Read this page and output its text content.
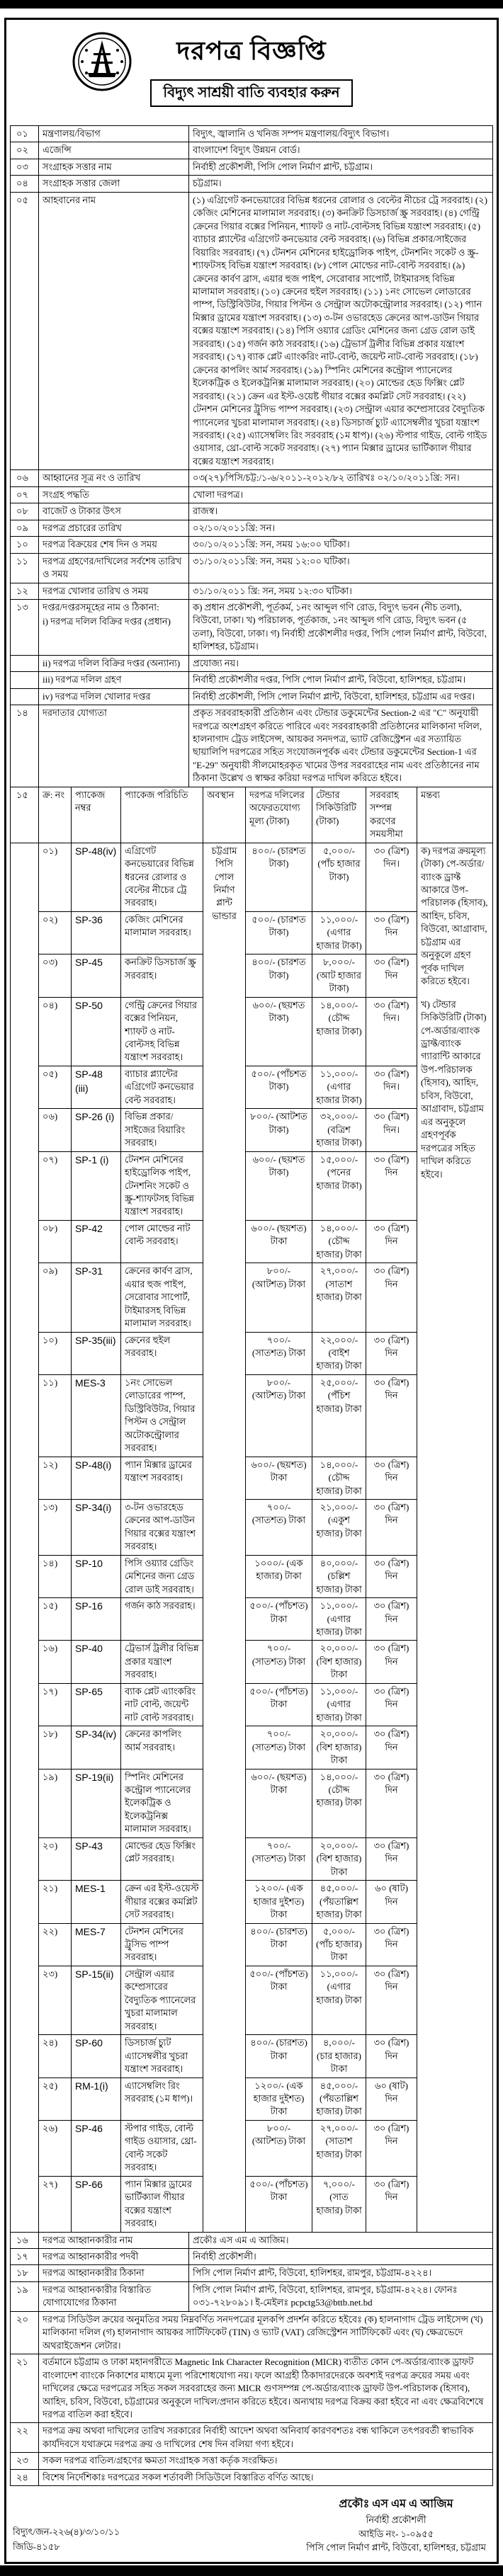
দরপত্র বিজ্ঞপ্তি
বিদ্যুৎ সাশ্রয়ী বাতি ব্যবহার করুন
০১	মন্ত্রণালয়/বিভাগ	বিদ্যুৎ, জ্বালানি ও খনিজ সম্পদ মন্ত্রণালয়/বিদ্যুৎ বিভাগ।
০২	এজেন্সি	বাংলাদেশ বিদ্যুৎ উন্নয়ন বোর্ড।
০৩	সংগ্রাহক সত্তার নাম	নির্বাহী প্রকৌশলী, পিসি পোল নির্মাণ প্লান্ট, চট্টগ্রাম।
০৪	সংগ্রাহক সত্তার জেলা	চট্টগ্রাম।
০৫	আহবানের নাম	(১) এগ্রিগেট কনভেয়ারের বিভিন্ন ধরনের রোলার ও বেল্টের নীচের ট্রে সরবরাহ। (২) কেজিং মেশিনের মালামাল সরবরাহ। (৩) কনক্রিট ডিসচার্জ স্ক্রু সরবরাহ। (৪) গেন্ট্রি ক্রেনের গিয়ার বক্সের পিনিয়ন, শ্যাফট ও নাট-বোল্টসহ বিভিন্ন যন্ত্রাংশ সরবরাহ। (৫) ব্যাচার প্ল্যান্টের এগ্রিগেট কনভেয়ার বেল্ট সরবরাহ। (৬) বিভিন্ন প্রকার/সাইজের বিয়ারিং সরবরাহ। (৭) টেনশন মেশিনের হাইড্রোলিক পাইপ, টেনশনিং সকেট ও স্ক্রু-শ্যাফটসহ বিভিন্ন যন্ত্রাংশ সরবরাহ। (৮) পোল মোল্ডের নাট-বোল্ট সরবরাহ। (৯) ক্রেনের কার্বণ ব্রাস, এয়ার হুজ পাইপ, সেরোবার সাপোর্ট, টাইমারসহ বিভিন্ন মালামাল সরবরাহ। (১০) ক্রেনের হুইল সরবরাহ। (১১) ১নং সোভেল লোডারের পাম্প, ডিস্ট্রিবিউটর, গিয়ার পিস্টন ও সেন্ট্রাল অটোকন্ট্রোলার সরবরাহ। (১২) প্যান মিক্সার ড্রামের যন্ত্রাংশ সরবরাহ। (১৩) ৩-টন ওভারহেড ক্রেনের আপ-ডাউন গিয়ার বক্সের যন্ত্রাংশ সরবরাহ। (১৪) পিসি ওয়্যার গ্রেডিং মেশিনের জন্য গ্রেড রোল ডাই সরবরাহ। (১৫) গর্জন কাঠ সরবরাহ। (১৬) ট্রেভার্স ট্রলীর বিভিন্ন প্রকার যন্ত্রাংশ সরবরাহ। (১৭) ব্যাক প্লেট এ্যাংকরিং নাট-বোল্ট, জয়েন্ট নাট-বোল্ট সরবরাহ। (১৮) ক্রেনের কাপলিং আর্ম সরবরাহ। (১৯) স্পিনিং মেশিনের কন্ট্রোল প্যানেলের ইলেকট্রিক ও ইলেকট্রনিক্স মালামাল সরবরাহ। (২০) মোল্ডের হেড ফিক্সিং প্লেট সরবরাহ। (২১) ক্রেন এর ইস্ট-ওয়েষ্ট গীয়ার বক্সের কমপ্লিট সেট সরবরাহ। (২২) টেনশন মেশিনের ট্রুসিভ পাম্প সরবরাহ। (২৩) সেন্ট্রাল এয়ার কম্প্রেসারের বৈদ্যুতিক প্যানেলের খুচরা মালামাল সরবরাহ। (২৪) ডিসচার্জ চ্যুট এ্যাসেম্বলীর খুচরা যন্ত্রাংশ সরবরাহ। (২৫) এ্যাসেম্বলিং রিং সরবরাহ (১ম ধাপ)। (২৬) স্টপার গাইড, বোল্ট গাইড ওয়াসার, থ্রো-বোল্ট সকেট সরবরাহ। (২৭) প্যান মিক্সার ড্রামের ভার্টিক্যাল গীয়ার বক্সের যন্ত্রাংশ সরবরাহ।
০৬	আহ্বানের সূত্র নং ও তারিখ	০৩(২৭)/পিসি/চট্ট:/১-৬/২০১১-২০১২/৮২ তারিখঃ ০২/১০/২০১১খ্রি: সন।
০৭	সংগ্রহ পদ্ধতি	খোলা দরপত্র।
০৮	বাজেট ও টাকার উৎস	রাজস্ব।
০৯	দরপত্র প্রচারের তারিখ	০২/১০/২০১১খ্রি: সন।
১০	দরপত্র বিক্রয়ের শেষ দিন ও সময়	৩০/১০/২০১১খ্রি: সন, সময় ১৬:০০ ঘটিকা।
১১	দরপত্র গ্রহণের/দাখিলের সর্বশেষ তারিখ ও সময়	৩১/১০/২০১১খ্রি: সন, সময় ১২:০০ ঘটিকা।
১২	দরপত্র খোলার তারিখ ও সময়	৩১/১০/২০১১ খ্রি: সন, সময় ১২:৩০ ঘটিকা।
১৩	দপ্তর/দপ্তরসমূহের নাম ও ঠিকানা:
i) দরপত্র দলিল বিক্রির দপ্তর (প্রধান)	ক) প্রধান প্রকৌশলী, পূর্তকর্ম, ১নং আব্দুল গণি রোড, বিদ্যুৎ ভবন (নীচ তলা), বিউবো, ঢাকা। খ) পরিচালক, পূর্তকাজ, ১নং আব্দুল গণি রোড, বিদ্যুৎ ভবন (৫ তলা), বিউবো, ঢাকা। গ) নির্বাহী প্রকৌশলীর দপ্তর, পিসি পোল নির্মাণ প্লান্ট, বিউবো, হালিশহর, চট্টগ্রাম।
	ii) দরপত্র দলিল বিক্রির দপ্তর (অন্যান্য)	প্রযোজ্য নয়।
	iii) দরপত্র দলিল গ্রহণ	নির্বাহী প্রকৌশলীর দপ্তর, পিসি পোল নির্মাণ প্লান্ট, বিউবো, হালিশহর, চট্টগ্রাম।
	iv) দরপত্র দলিল খোলার দপ্তর	নির্বাহী প্রকৌশলী, পিসি পোল নির্মাণ প্লান্ট, বিউবো, হালিশহর, চট্টগ্রাম এর দপ্তর।
১৪	দরদাতার যোগ্যতা	প্রকৃত সরবরাহকারী প্রতিষ্ঠান এবং টেন্ডার ডকুমেন্টের Section-2 এর "C" অনুযায়ী দরপত্রে অংশগ্রহণ করিতে পারিবে এবং সরবরাহকারী প্রতিষ্ঠানের মালিকানা দলিল, হালনাগাদ ট্রেড লাইসেন্স, আয়কর সনদপত্র, ভ্যাট রেজিস্ট্রেশন এর সত্যায়িত ছায়ালিপি দরপত্রের সহিত সংযোজনপূর্বক এবং টেন্ডার ডকুমেন্টের Section-1 এর "E-29" অনুযায়ী সীলমোহরকৃত খামের উপর সরবরাহের নাম এবং প্রতিষ্ঠানের নাম ঠিকানা উল্লেখ ও স্বাক্ষর করিয়া দরপত্র দাখিল করিতে হইবে।
১৫	ক্র: নং	প্যাকেজ নম্বর	প্যাকেজ পরিচিতি	অবস্থান	দরপত্র দলিলের অফেরতযোগ্য মূল্য (টাকা)	টেন্ডার সিকিউরিটি (টাকা)	সরবরাহ সম্পন্ন করণের সময়সীমা	মন্তব্য
	০১)	SP-48(iv)	এগ্রিগেট কনভেয়ারের বিভিন্ন ধরনের রোলার ও বেল্টের নীচের ট্রে সরবরাহ।	চট্টগ্রাম পিসি পোল নির্মাণ প্লান্ট ভান্ডার	৪০০/- (চারশত টাকা)	৫,০০০/- (পাঁচ হাজার টাকা)	৩০ (ত্রিশ) দিন।	ক) দরপত্র ক্রয়মূল্য (টাকা) পে-অর্ডার/ব্যাংক ড্রাফ্ট আকারে উপ-পরিচালক (হিসাব), আহিদ, চবিস, বিউবো, আগ্রাবাদ, চট্টগ্রাম এর অনুকূলে গ্রহণ পূর্বক দাখিল করিতে হইবে।

খ) টেন্ডার সিকিউরিটি (টাকা) পে-অর্ডার/ব্যাংক ড্রাফ্ট/ব্যাংক গ্যারান্টি আকারে উপ-পরিচালক (হিসাব), আহিদ, চবিস, বিউবো, আগ্রাবাদ, চট্টগ্রাম এর অনুকূলে গ্রহণপূর্বক দরপত্রের সহিত দাখিল করিতে হইবে।

	০২)	SP-36	কেজিং মেশিনের মালামাল সরবরাহ।		৫০০/- (চারশত টাকা)	১১,০০০/- (এগার হাজার টাকা)	৩০ (ত্রিশ) দিন	
	০৩)	SP-45	কনক্রিট ডিসচার্জ স্ক্রু সরবরাহ।		৪০০/- (চারশত টাকা)	৮,০০০/- (আট হাজার টাকা)	৩০ (ত্রিশ) দিন	
	০৪)	SP-50	গেন্ট্রি ক্রেনের গিয়ার বক্সের পিনিয়ন, শ্যাফট ও নাট-বোল্টসহ বিভিন্ন যন্ত্রাংশ সরবরাহ।		৬০০/- (ছয়শত টাকা)	১৪,০০০/- (চৌদ্দ হাজার টাকা)	৩০ (ত্রিশ) দিন।	
	০৫)	SP-48 (iii)	ব্যাচার প্ল্যান্টের এগ্রিগেট কনভেয়ার বেল্ট সরবরাহ।		৫০০/- (পাঁচশত টাকা)	১১,০০০/- (এগার হাজার টাকা)	৩০ (ত্রিশ) দিন।	
	০৬)	SP-26 (i)	বিভিন্ন প্রকার/সাইজের বিয়ারিং সরবরাহ।		৮০০/- (আটশত টাকা)	৩২,০০০/- (বত্রিশ হাজার টাকা)	৩০ (ত্রিশ) দিন।	
	০৭)	SP-1 (i)	টেনশন মেশিনের হাইড্রোলিক পাইপ, টেনশনিং সকেট ও স্ক্রু-শ্যাফটসহ বিভিন্ন যন্ত্রাংশ সরবরাহ।		৬০০/- (ছয়শত টাকা)	১৫,০০০/- (পনের হাজার টাকা)	৩০ (ত্রিশ) দিন	
	০৮)	SP-42	পোল মোল্ডের নাট বোল্ট সরবরাহ।		৬০০/- (ছয়শত) টাকা	১৪,০০০/- (চৌদ্দ হাজার) টাকা	৩০ (ত্রিশ) দিন	
	০৯)	SP-31	ক্রেনের কার্বণ ব্রাস, এয়ার হুজ পাইপ, সেরোবার সাপোর্ট, টাইমারসহ বিভিন্ন মালামাল সরবরাহ।		৮০০/- (আটশত) টাকা	২৭,০০০/- (সাতাশ হাজার) টাকা	৩০ (ত্রিশ) দিন	
	১০)	SP-35(iii)	ক্রেনের হুইল সরবরাহ।		৭০০/- (সাতশত) টাকা	২২,০০০/- (বাইশ হাজার) টাকা	৩০ (ত্রিশ) দিন	
	১১)	MES-3	১নং সোভেল লোডারের পাম্প, ডিস্ট্রিবিউটর, গিয়ার পিস্টন ও সেন্ট্রাল অটোকন্ট্রোলার সরবরাহ।		৮০০/- (আটশত) টাকা	২৫,০০০/- (পঁচিশ হাজার) টাকা	৩০ (ত্রিশ) দিন	
	১২)	SP-48(i)	প্যান মিক্সার ড্রামের যন্ত্রাংশ সরবরাহ।		৬০০/- (ছয়শত) টাকা	১৪,০০০/- (চৌদ্দ হাজার) টাকা	৩০ (ত্রিশ) দিন	
	১৩)	SP-34(i)	৩-টন ওভারহেড ক্রেনের আপ-ডাউন গিয়ার বক্সের যন্ত্রাংশ সরবরাহ।		৭০০/- (সাতশত) টাকা	২১,০০০/- (একুশ হাজার) টাকা	৩০ (ত্রিশ) দিন	
	১৪)	SP-10	পিসি ওয়্যার গ্রেডিং মেশিনের জন্য গ্রেড রোল ডাই সরবরাহ।		১০০০/- (এক হাজার) টাকা	৪০,০০০/- (চল্লিশ হাজার) টাকা	৩০ (ত্রিশ) দিন	
	১৫)	SP-16	গর্জন কাঠ সরবরাহ।		৫০০/- (পাঁচশত) টাকা	১১,০০০/- (এগার হাজার) টাকা	৩০ (ত্রিশ) দিন	
	১৬)	SP-40	ট্রেভার্স ট্রলীর বিভিন্ন প্রকার যন্ত্রাংশ সরবরাহ।		৭০০/- (সাতশত) টাকা	২০,০০০/- (বিশ হাজার) টাকা	৩০ (ত্রিশ) দিন	
	১৭)	SP-65	ব্যাক প্লেট এ্যাংকরিং নাট বোল্ট, জয়েন্ট নাট বোল্ট সরবরাহ।		৫০০/- (পাঁচশত) টাকা	১১,০০০/- (এগার হাজার) টাকা	৩০ (ত্রিশ) দিন	
	১৮)	SP-34(iv)	ক্রেনের কাপলিং আর্ম সরবরাহ।		৭০০/- (সাতশত) টাকা	২০,০০০/- (বিশ হাজার) টাকা	৩০ (ত্রিশ) দিন	
	১৯)	SP-19(ii)	স্পিনিং মেশিনের কন্ট্রোল প্যানেলের ইলেকট্রিক ও ইলেকট্রনিক্স মালামাল সরবরাহ।		৬০০/- (ছয়শত) টাকা	১৪,০০০/- (চৌদ্দ হাজার) টাকা	৩০ (ত্রিশ) দিন	
	২০)	SP-43	মোল্ডের হেড ফিক্সিং প্লেট সরবরাহ।		৭০০/- (সাতশত) টাকা	২০,০০০/- (বিশ হাজার) টাকা	৩০ (ত্রিশ) দিন	
	২১)	MES-1	ক্রেন এর ইস্ট-ওয়েস্ট গীয়ার বক্সের কমপ্লিট সেট সরবরাহ।		১২০০/- (এক হাজার দুইশত) টাকা	৪৫,০০০/- (পঁয়তাল্লিশ হাজার) টাকা	৬০ (ষাট) দিন	
	২২)	MES-7	টেনশন মেশিনের ট্রুসিভ পাম্প সরবরাহ।		৪০০/- (চারশত) টাকা	৫,০০০/- (পাঁচ হাজার) টাকা	৩০ (ত্রিশ) দিন	
	২৩)	SP-15(ii)	সেন্ট্রাল এয়ার কম্প্রেসারের বৈদ্যুতিক প্যানেলের খুচরা মালামাল সরবরাহ।		৫০০/- (পাঁচশত) টাকা	১১,০০০/- (এগার হাজার) টাকা	৩০ (ত্রিশ) দিন	
	২৪)	SP-60	ডিসচার্জ চ্যুট এ্যাসেম্বলীর খুচরা যন্ত্রাংশ সরবরাহ।		৪০০/- (চারশত) টাকা	৪,০০০/- (চার হাজার) টাকা	৩০ (ত্রিশ) দিন	
	২৫)	RM-1(i)	এ্যাসেম্বলিং রিং সরবরাহ (১ম ধাপ)।		১২০০/- (এক হাজার দুইশত) টাকা	৪৫,০০০/- (পঁয়তাল্লিশ হাজার) টাকা	৬০ (ষাট) দিন	
	২৬)	SP-46	স্টপার গাইড, বোল্ট গাইড ওয়াসার, থ্রো-বোল্ট সকেট সরবরাহ।		৮০০/- (আটশত) টাকা	২৭,০০০/- (সাতাশ হাজার) টাকা	৩০ (ত্রিশ) দিন	
	২৭)	SP-66	প্যান মিক্সার ড্রামের ভার্টিক্যাল গীয়ার বক্সের যন্ত্রাংশ সরবরাহ।		৫০০/- (পাঁচশত) টাকা	৭,০০০/- (সাত হাজার) টাকা	৩০ (ত্রিশ) দিন	
১৬	দরপত্র আহ্বানকারীর নাম	প্রকৌঃ এস এম এ আজিম।
১৭	দরপত্র আহ্বানকারীর পদবী	নির্বাহী প্রকৌশলী।
১৮	দরপত্র আহ্বানকারীর ঠিকানা	পিসি পোল নির্মাণ প্লান্ট, বিউবো, হালিশহর, রামপুর, চট্টগ্রাম-৪২২৪।
১৯	দরপত্র আহ্বানকারীর বিস্তারিত যোগাযোগের ঠিকানা	পিসি পোল নির্মাণ প্লান্ট, বিউবো, হালিশহর, রামপুর, চট্টগ্রাম-৪২২৪। ফোনঃ ০৩১-৭২৮০৯১। ই-মেইলঃ pcpctg53@bttb.net.bd
২০	দরপত্র সিডিউল ক্রয়ের অনুমতির সময় নিম্নবর্ণিত সনদপত্রের মূলকপি প্রদর্শন করিতে হইবেঃ (ক) হালনাগাদ ট্রেড লাইসেন্স (খ) মালিকানা দলিল (গ) হালনাগাদ আয়কর সার্টিফিকেট (TIN) ও ভ্যাট (VAT) রেজিস্ট্রেশন সার্টিফিকেট এবং (ঘ) ক্ষেত্রভেদে অথরাইজেশন লেটার।
২১	বর্তমানে চট্টগ্রাম ও ঢাকা মহানগরীতে Magnetic Ink Character Recognition (MICR) ব্যতীত কোন পে-অর্ডার/ব্যাংক ড্রাফট বাংলাদেশ ব্যাংকে নিকাশের মাধ্যমে মূল্য পরিশোধযোগ্য নয়। ফলে আগ্রহী ঠিকাদারদেরকে অবশ্যই দরপত্র ক্রয়ের সময় এবং দাখিলের ক্ষেত্রে দরপত্রের সহিত সকল সরবরাহের জন্য MICR গুণসম্পন্ন পে-অর্ডার/ব্যাংক ড্রাফট উপ-পরিচালক (হিসাব), আহিদ, চবিস, বিউবো, চট্টগ্রামের অনুকূলে দাখিল/প্রদান করিতে হইবে। অন্যথায় দরপত্র বিক্রয় করা হইবে না এবং ক্ষেত্রবিশেষে দরপত্র বাতিল করা হইবে।
২২	দরপত্র ক্রয় অথবা দাখিলের তারিখ সরকারের নির্বাহী আদেশ অথবা অনিবার্য কারণবশতঃ বন্ধ থাকিলে তৎপরবর্তী স্বাভাবিক কার্যদিবসে যথাক্রমে দরপত্র ক্রয় ও দাখিলের শেষ দিন বলিয়া গণ্য হইবে।
২৩	সকল দরপত্র বাতিল/গ্রহণের ক্ষমতা সংগ্রাহক সত্তা কর্তৃক সংরক্ষিত।
২৪	বিশেষ নির্দেশিকাঃ দরপত্রের সকল শর্তাবলী সিডিউলে বিস্তারিত বর্ণিত আছে।
বিদ্যুৎ/জন-২২৬(৪)/৩/১০/১১
জিডি-৪১৫৮
প্রকৌঃ এস এম এ আজিম
নির্বাহী প্রকৌশলী
আইডি নং- ১-০৯৫৫
পিসি পোল নির্মাণ প্লান্ট, বিউবো, হালিশহর, চট্টগ্রাম
